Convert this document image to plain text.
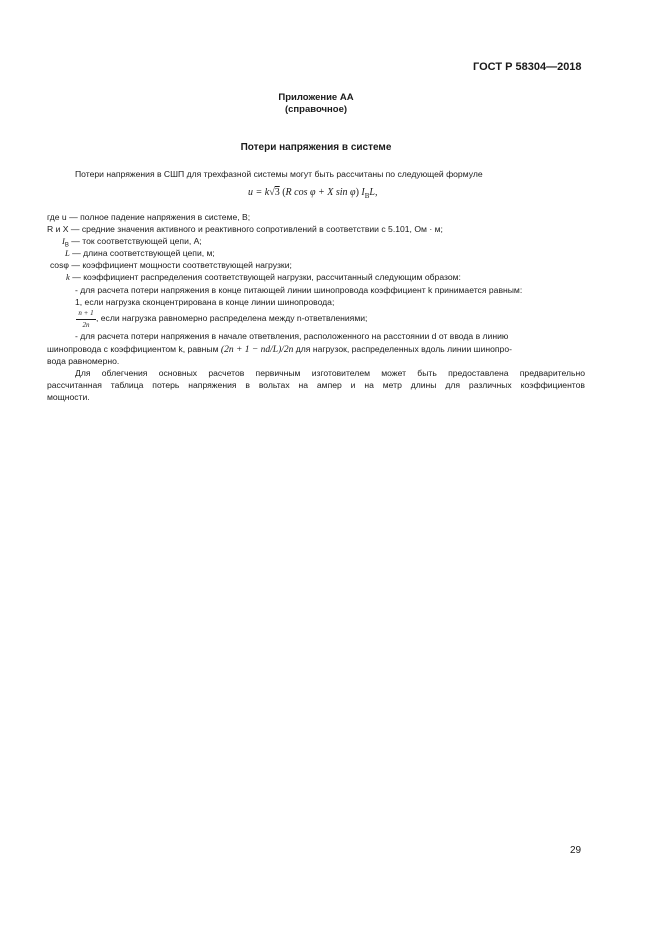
ГОСТ Р 58304—2018
Приложение АА
(справочное)
Потери напряжения в системе
Потери напряжения в СШП для трехфазной системы могут быть рассчитаны по следующей формуле
u = k√3 (R cos φ + X sin φ) $I_BL$,
где u — полное падение напряжения в системе, В;
R и X — средние значения активного и реактивного сопротивлений в соответствии с 5.101, Ом · м;
$I_B$ — ток соответствующей цепи, А;
L — длина соответствующей цепи, м;
cosφ — коэффициент мощности соответствующей нагрузки;
k — коэффициент распределения соответствующей нагрузки, рассчитанный следующим образом:
- для расчета потери напряжения в конце питающей линии шинопровода коэффициент k принимается равным:
1, если нагрузка сконцентрирована в конце линии шинопровода;
n + 1
2n
, если нагрузка равномерно распределена между n-ответвлениями;
- для расчета потери напряжения в начале ответвления, расположенного на расстоянии d от ввода в линию
шинопровода с коэффициентом k, равным (2n + 1 − nd/L)/2n для нагрузок, распределенных вдоль линии шинопро-
вода равномерно.
Для облегчения основных расчетов первичным изготовителем может быть предоставлена предварительно
рассчитанная таблица потерь напряжения в вольтах на ампер и на метр длины для различных коэффициентов
мощности.
29
